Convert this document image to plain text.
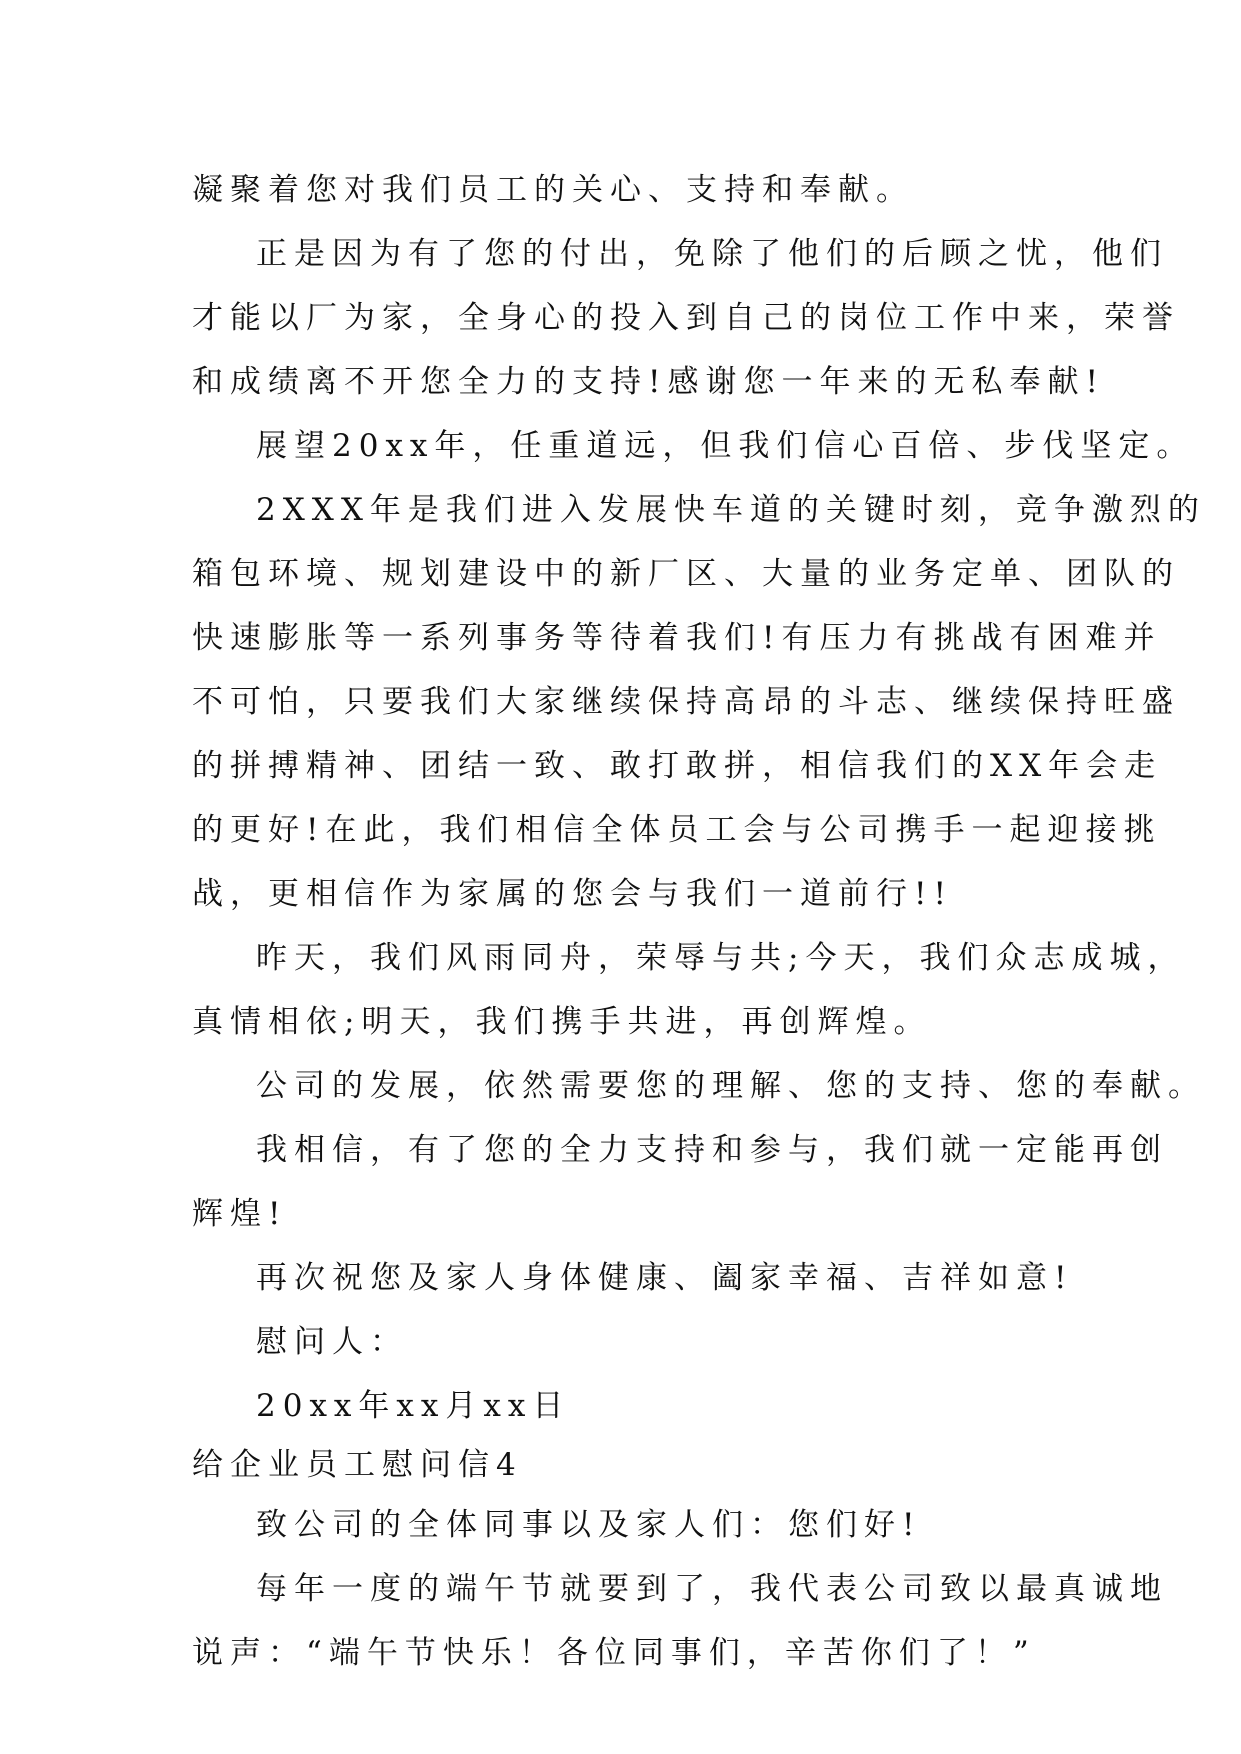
凝聚着您对我们员工的关心、支持和奉献。
正是因为有了您的付出，免除了他们的后顾之忧，他们
才能以厂为家，全身心的投入到自己的岗位工作中来，荣誉
和成绩离不开您全力的支持!感谢您一年来的无私奉献!
展望20xx年，任重道远，但我们信心百倍、步伐坚定。
2XXX年是我们进入发展快车道的关键时刻，竞争激烈的
箱包环境、规划建设中的新厂区、大量的业务定单、团队的
快速膨胀等一系列事务等待着我们!有压力有挑战有困难并
不可怕，只要我们大家继续保持高昂的斗志、继续保持旺盛
的拼搏精神、团结一致、敢打敢拼，相信我们的XX年会走
的更好!在此，我们相信全体员工会与公司携手一起迎接挑
战，更相信作为家属的您会与我们一道前行!!
昨天，我们风雨同舟，荣辱与共;今天，我们众志成城，
真情相依;明天，我们携手共进，再创辉煌。
公司的发展，依然需要您的理解、您的支持、您的奉献。
我相信，有了您的全力支持和参与，我们就一定能再创
辉煌!
再次祝您及家人身体健康、阖家幸福、吉祥如意!
慰问人：
20xx年xx月xx日
给企业员工慰问信4
致公司的全体同事以及家人们：您们好!
每年一度的端午节就要到了，我代表公司致以最真诚地
说声：“端午节快乐！各位同事们，辛苦你们了！”
